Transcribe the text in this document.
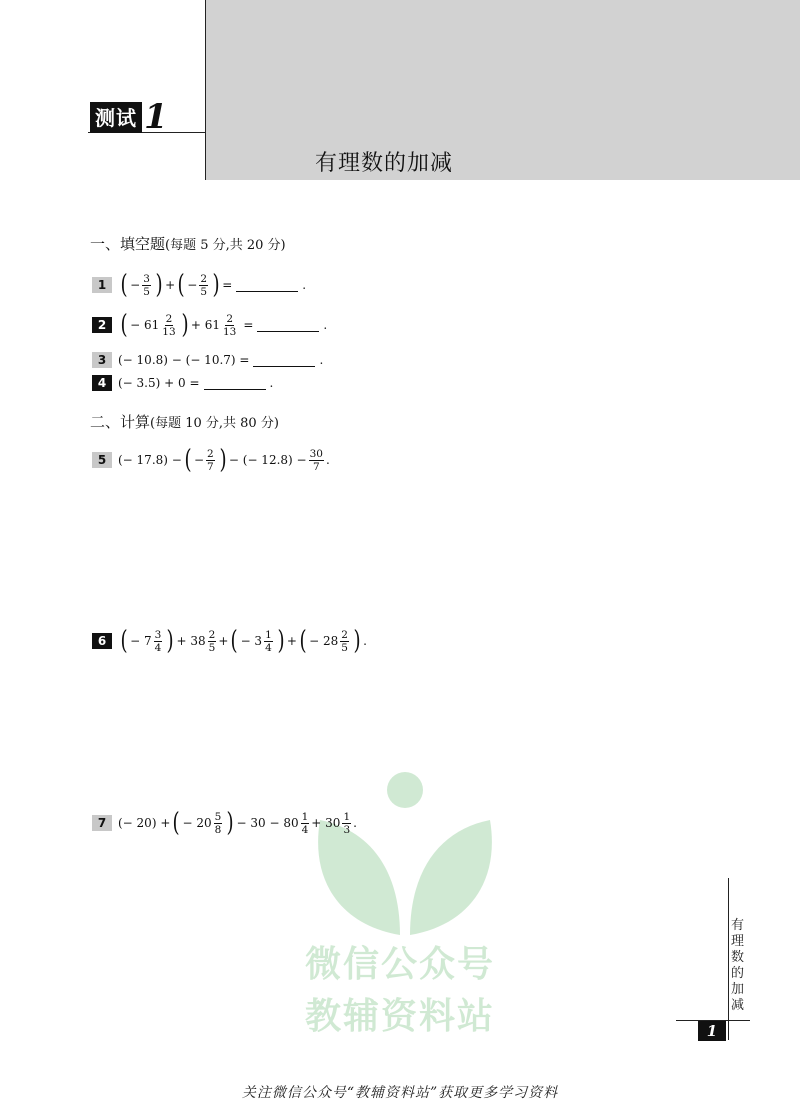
测试 1
有理数的加减
一、填空题(每题 5 分,共 20 分)
1 ( − $\frac{3}{5}$ ) + ( − $\frac{2}{5}$ ) =	.
2 ( − $61 \frac{2}{13}$ ) + $61 \frac{2}{13}$ =	.
3 (− 10.8) − (− 10.7) =	.
4 (− 3.5) + 0 =	.
二、计算(每题 10 分,共 80 分)
5 (− 17.8) − ( − $\frac{2}{7}$ ) − (− $12.8) - \frac{30}{7}$ .
6 ( − $7 \frac{3}{4}$ ) + $38 \frac{2}{5}$ + ( − $3 \frac{1}{4}$ ) + ( − $28 \frac{2}{5}$ ) .
微信公众号
教辅资料站
7 (− 20) + ( − $20 \frac{5}{8}$ ) − $30 - 80 \frac{1}{4} + 30 \frac{1}{3}$ .
有理数的加减
1
关注微信公众号“教辅资料站”获取更多学习资料
